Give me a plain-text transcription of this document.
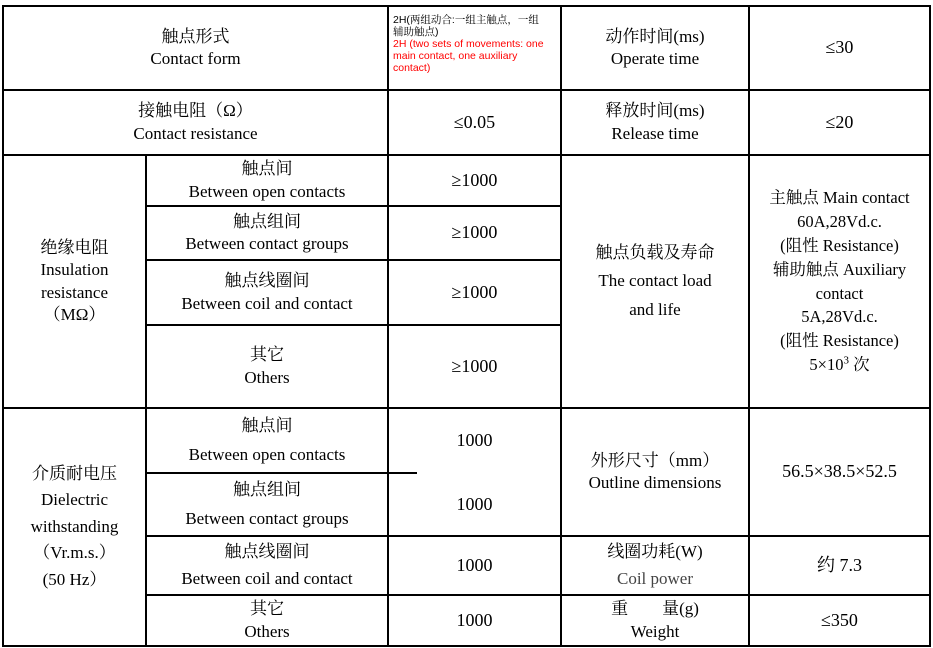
触点形式
Contact form
2H(两组动合:一组主触点，一组
辅助触点)
2H (two sets of movements: one
main contact, one auxiliary
contact)
动作时间(ms)
Operate time
≤30
接触电阻（Ω）
Contact resistance
≤0.05
释放时间(ms)
Release time
≤20
绝缘电阻
Insulation
resistance
（MΩ）
触点间
Between open contacts
≥1000
触点组间
Between contact groups
≥1000
触点线圈间
Between coil and contact
≥1000
其它
Others
≥1000
触点负载及寿命
The contact load
and life
主触点 Main contact
60A,28Vd.c.
(阻性 Resistance)
辅助触点 Auxiliary
contact
5A,28Vd.c.
(阻性 Resistance)
$5\times 10^3$ 次
介质耐电压
Dielectric
withstanding
（Vr.m.s.）
(50 Hz）
触点间
Between open contacts
触点组间
Between contact groups
1000
1000
触点线圈间
Between coil and contact
1000
其它
Others
1000
外形尺寸（mm）
Outline dimensions
56.5×38.5×52.5
线圈功耗(W)
Coil power
约 7.3
重　　量(g)
Weight
≤350
